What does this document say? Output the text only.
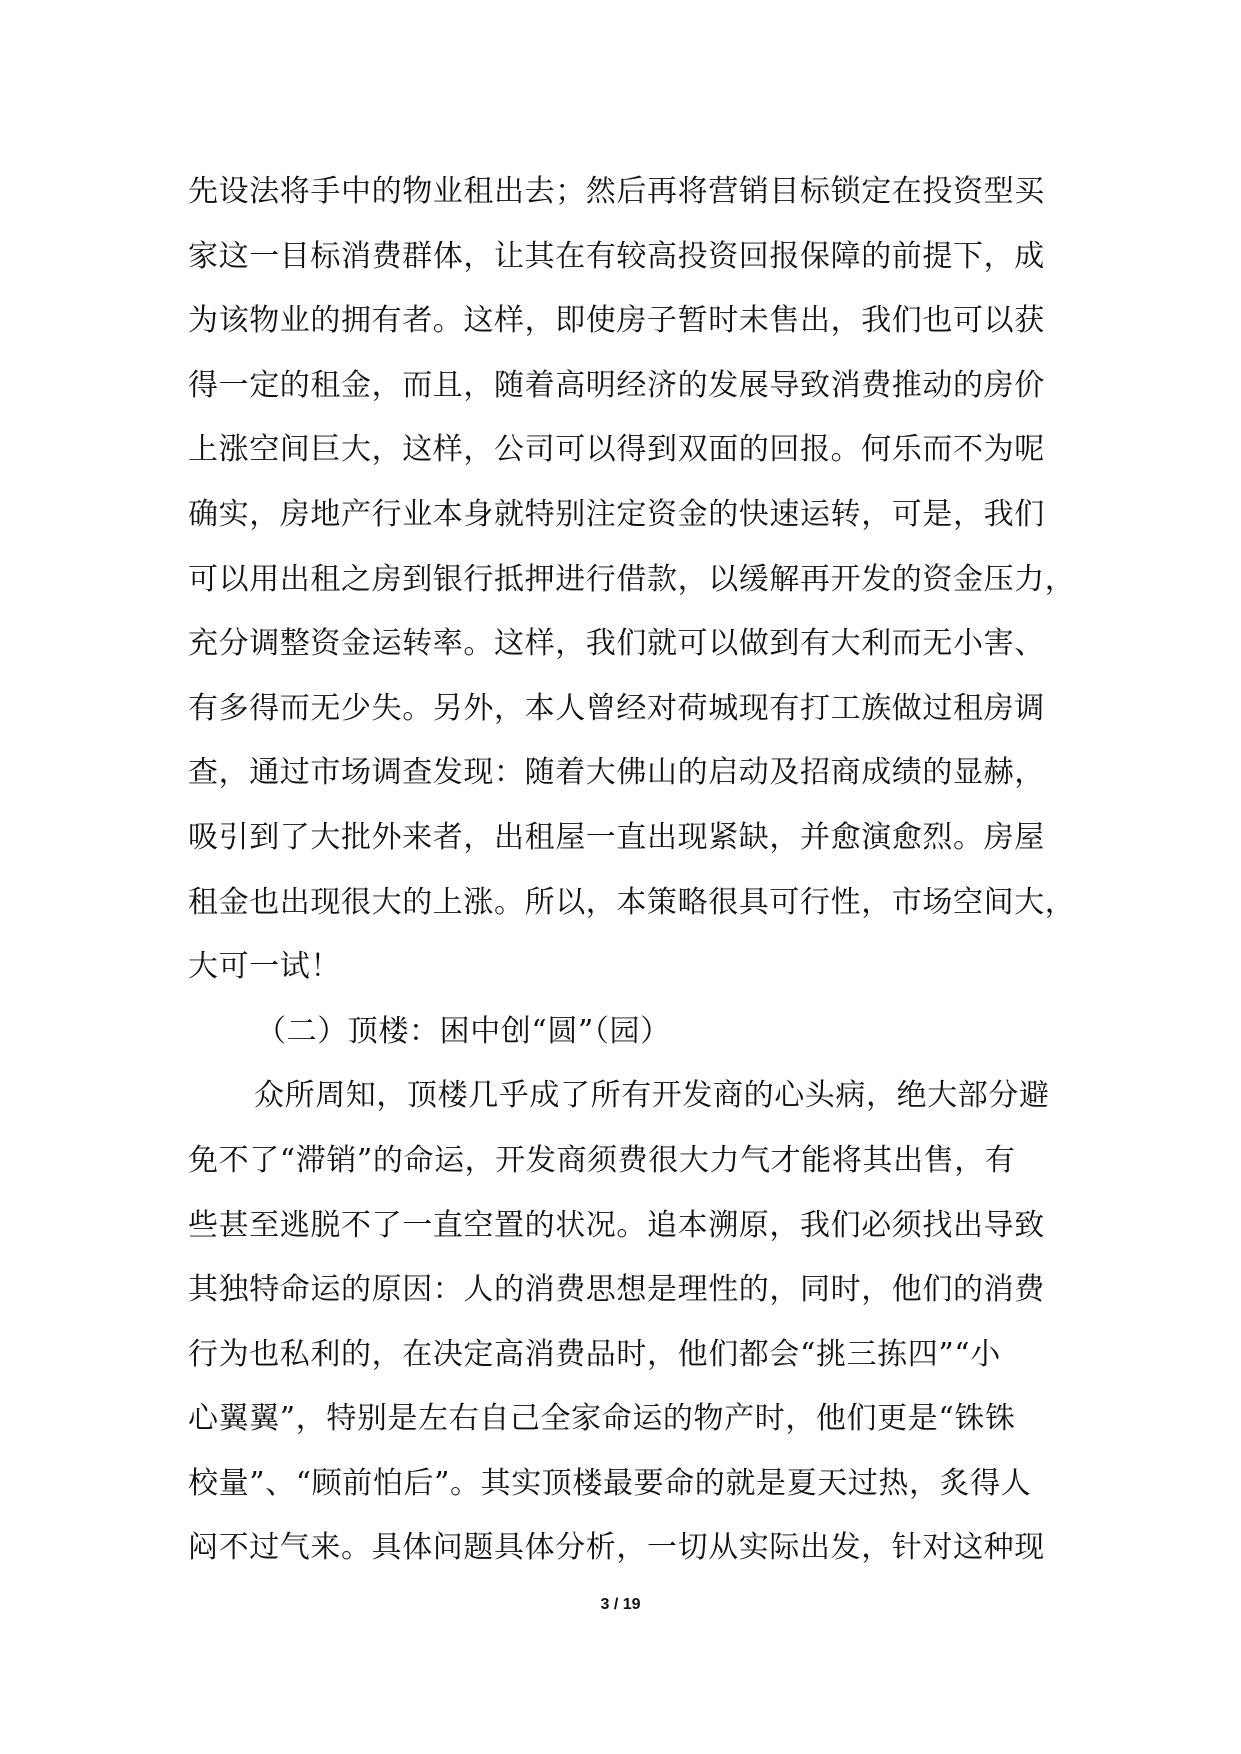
先设法将手中的物业租出去；然后再将营销目标锁定在投资型买
家这一目标消费群体，让其在有较高投资回报保障的前提下，成
为该物业的拥有者。这样，即使房子暂时未售出，我们也可以获
得一定的租金，而且，随着高明经济的发展导致消费推动的房价
上涨空间巨大，这样，公司可以得到双面的回报。何乐而不为呢
确实，房地产行业本身就特别注定资金的快速运转，可是，我们
可以用出租之房到银行抵押进行借款，以缓解再开发的资金压力，
充分调整资金运转率。这样，我们就可以做到有大利而无小害、
有多得而无少失。另外，本人曾经对荷城现有打工族做过租房调
查，通过市场调查发现：随着大佛山的启动及招商成绩的显赫，
吸引到了大批外来者，出租屋一直出现紧缺，并愈演愈烈。房屋
租金也出现很大的上涨。所以，本策略很具可行性，市场空间大，
大可一试！
（二）顶楼：困中创“圆”（园）
众所周知，顶楼几乎成了所有开发商的心头病，绝大部分避
免不了“滞销”的命运，开发商须费很大力气才能将其出售，有
些甚至逃脱不了一直空置的状况。追本溯原，我们必须找出导致
其独特命运的原因：人的消费思想是理性的，同时，他们的消费
行为也私利的，在决定高消费品时，他们都会“挑三拣四”“小
心翼翼”，特别是左右自己全家命运的物产时，他们更是“铢铢
校量”、“顾前怕后”。其实顶楼最要命的就是夏天过热，炙得人
闷不过气来。具体问题具体分析，一切从实际出发，针对这种现
3 / 19
